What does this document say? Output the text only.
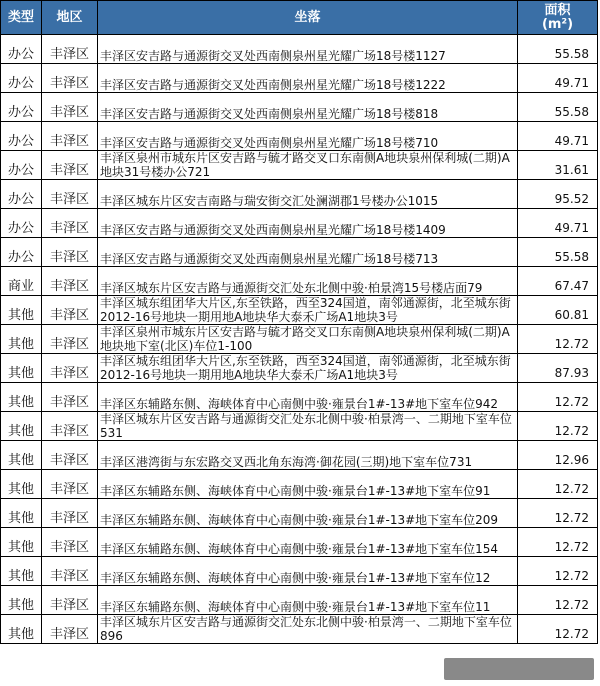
类型	地区	坐落	面积
(m²)
办公	丰泽区	丰泽区安吉路与通源街交叉处西南侧泉州星光耀广场18号楼1127	55.58
办公	丰泽区	丰泽区安吉路与通源街交叉处西南侧泉州星光耀广场18号楼1222	49.71
办公	丰泽区	丰泽区安吉路与通源街交叉处西南侧泉州星光耀广场18号楼818	55.58
办公	丰泽区	丰泽区安吉路与通源街交叉处西南侧泉州星光耀广场18号楼710	49.71
办公	丰泽区	丰泽区泉州市城东片区安吉路与毓才路交叉口东南侧A地块泉州保利城(二期)A地块31号楼办公721	31.61
办公	丰泽区	丰泽区城东片区安吉南路与瑞安街交汇处澜湖郡1号楼办公1015	95.52
办公	丰泽区	丰泽区安吉路与通源街交叉处西南侧泉州星光耀广场18号楼1409	49.71
办公	丰泽区	丰泽区安吉路与通源街交叉处西南侧泉州星光耀广场18号楼713	55.58
商业	丰泽区	丰泽区城东片区安吉路与通源街交汇处东北侧中骏·柏景湾15号楼店面79	67.47
其他	丰泽区	丰泽区城东组团华大片区,东至铁路，西至324国道，南邻通源街，北至城东街2012-16号地块一期用地A地块华大泰禾广场A1地块3号	60.81
其他	丰泽区	丰泽区泉州市城东片区安吉路与毓才路交叉口东南侧A地块泉州保利城(二期)A地块地下室(北区)车位1-100	12.72
其他	丰泽区	丰泽区城东组团华大片区,东至铁路，西至324国道，南邻通源街，北至城东街2012-16号地块一期用地A地块华大泰禾广场A1地块3号	87.93
其他	丰泽区	丰泽区东辅路东侧、海峡体育中心南侧中骏·雍景台1#-13#地下室车位942	12.72
其他	丰泽区	丰泽区城东片区安吉路与通源街交汇处东北侧中骏·柏景湾一、二期地下室车位531	12.72
其他	丰泽区	丰泽区港湾街与东宏路交叉西北角东海湾·御花园(三期)地下室车位731	12.96
其他	丰泽区	丰泽区东辅路东侧、海峡体育中心南侧中骏·雍景台1#-13#地下室车位91	12.72
其他	丰泽区	丰泽区东辅路东侧、海峡体育中心南侧中骏·雍景台1#-13#地下室车位209	12.72
其他	丰泽区	丰泽区东辅路东侧、海峡体育中心南侧中骏·雍景台1#-13#地下室车位154	12.72
其他	丰泽区	丰泽区东辅路东侧、海峡体育中心南侧中骏·雍景台1#-13#地下室车位12	12.72
其他	丰泽区	丰泽区东辅路东侧、海峡体育中心南侧中骏·雍景台1#-13#地下室车位11	12.72
其他	丰泽区	丰泽区城东片区安吉路与通源街交汇处东北侧中骏·柏景湾一、二期地下室车位896	12.72
